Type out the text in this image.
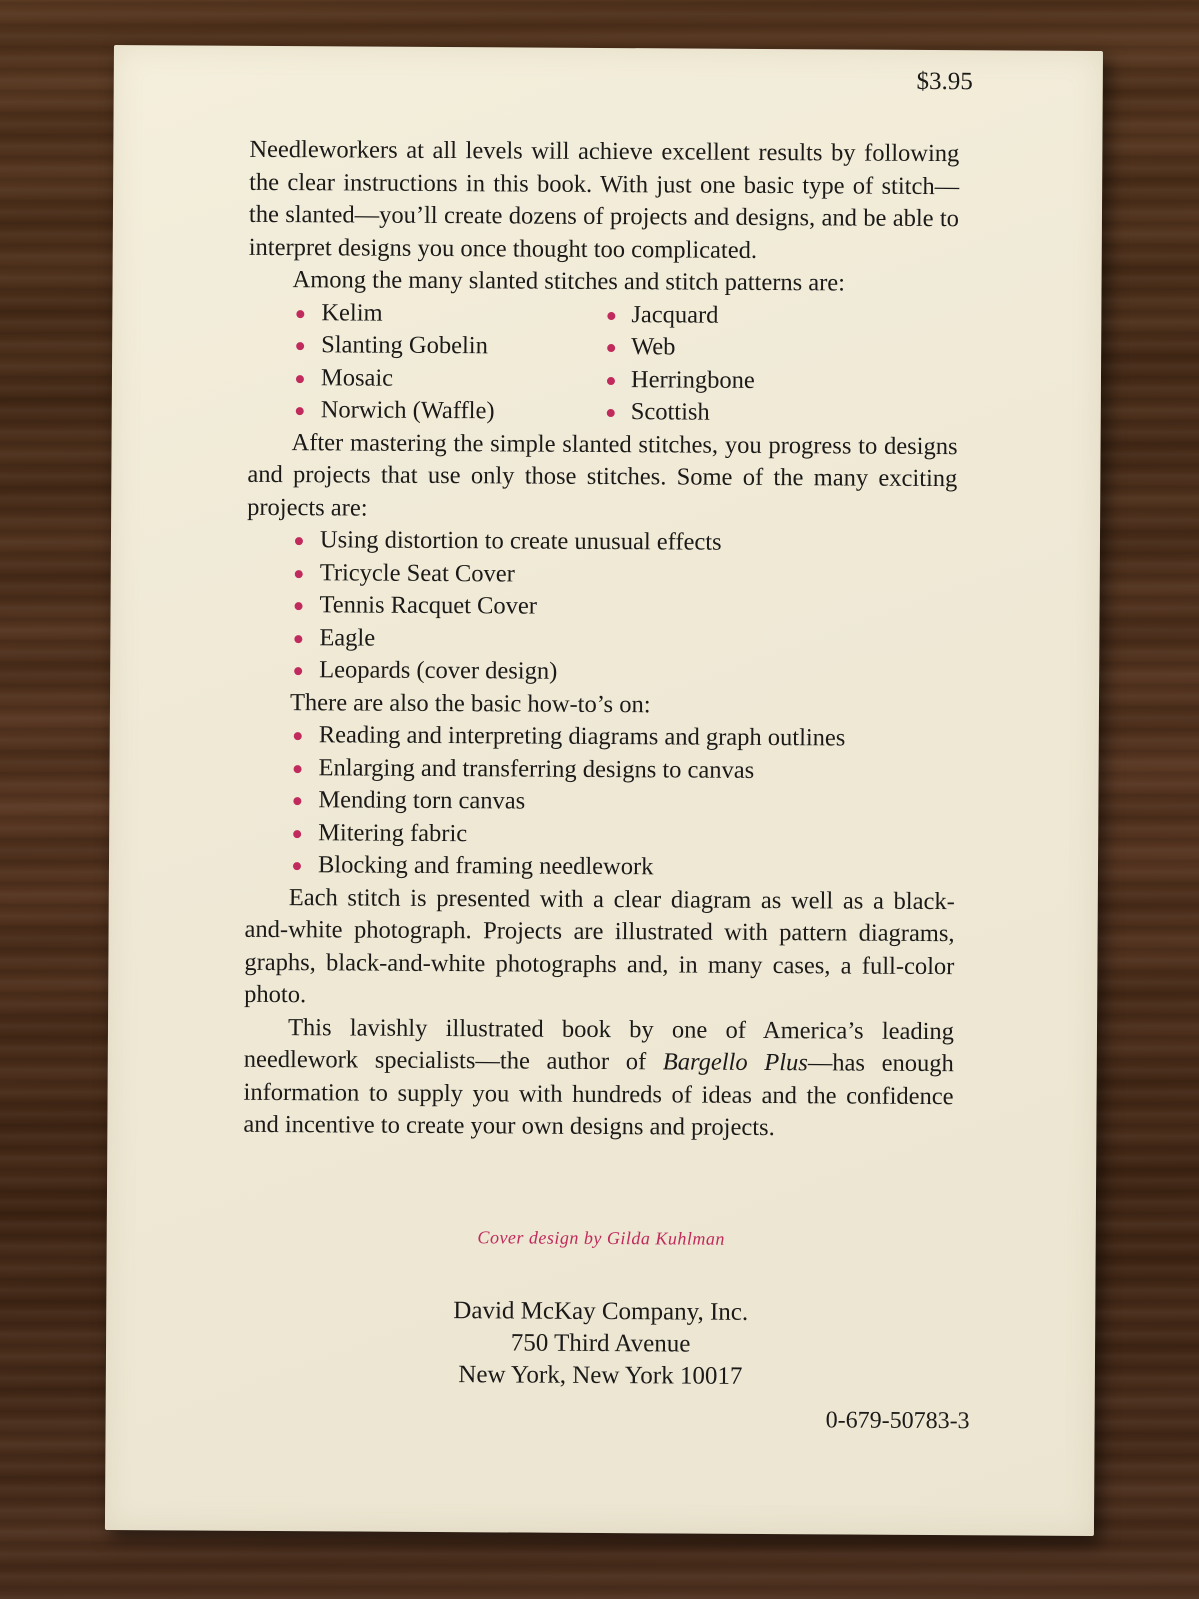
$3.95

Needleworkers at all levels will achieve excellent results by following the clear instructions in this book. With just one basic type of stitch—the slanted—you’ll create dozens of projects and designs, and be able to interpret designs you once thought too complicated.

Among the many slanted stitches and stitch patterns are:

Kelim
Slanting Gobelin
Mosaic
Norwich (Waffle)
Jacquard
Web
Herringbone
Scottish

After mastering the simple slanted stitches, you progress to designs and projects that use only those stitches. Some of the many exciting projects are:

Using distortion to create unusual effects
Tricycle Seat Cover
Tennis Racquet Cover
Eagle
Leopards (cover design)

There are also the basic how-to’s on:

Reading and interpreting diagrams and graph outlines
Enlarging and transferring designs to canvas
Mending torn canvas
Mitering fabric
Blocking and framing needlework

Each stitch is presented with a clear diagram as well as a black-and-white photograph. Projects are illustrated with pattern diagrams, graphs, black-and-white photographs and, in many cases, a full-color photo.

This lavishly illustrated book by one of America’s leading needlework specialists—the author of Bargello Plus—has enough information to supply you with hundreds of ideas and the confidence and incentive to create your own designs and projects.

Cover design by Gilda Kuhlman
David McKay Company, Inc.
750 Third Avenue
New York, New York 10017
0-679-50783-3
